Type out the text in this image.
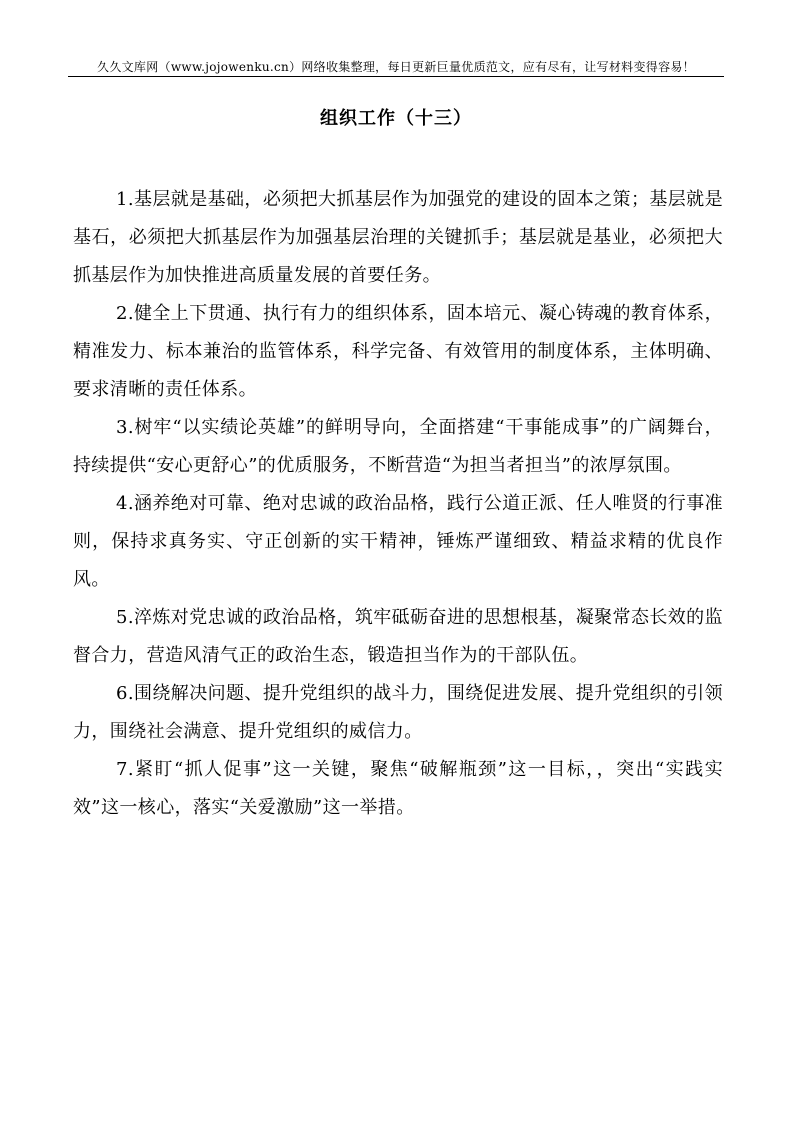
久久文库网（www.jojowenku.cn）网络收集整理，每日更新巨量优质范文，应有尽有，让写材料变得容易！
组织工作（十三）

1.基层就是基础，必须把大抓基层作为加强党的建设的固本之策；基层就是基石，必须把大抓基层作为加强基层治理的关键抓手；基层就是基业，必须把大抓基层作为加快推进高质量发展的首要任务。

2.健全上下贯通、执行有力的组织体系，固本培元、凝心铸魂的教育体系，精准发力、标本兼治的监管体系，科学完备、有效管用的制度体系，主体明确、要求清晰的责任体系。

3.树牢“以实绩论英雄”的鲜明导向，全面搭建“干事能成事”的广阔舞台，持续提供“安心更舒心”的优质服务，不断营造“为担当者担当”的浓厚氛围。

4.涵养绝对可靠、绝对忠诚的政治品格，践行公道正派、任人唯贤的行事准则，保持求真务实、守正创新的实干精神，锤炼严谨细致、精益求精的优良作风。

5.淬炼对党忠诚的政治品格，筑牢砥砺奋进的思想根基，凝聚常态长效的监督合力，营造风清气正的政治生态，锻造担当作为的干部队伍。

6.围绕解决问题、提升党组织的战斗力，围绕促进发展、提升党组织的引领力，围绕社会满意、提升党组织的威信力。

7.紧盯“抓人促事”这一关键，聚焦“破解瓶颈”这一目标，，突出“实践实效”这一核心，落实“关爱激励”这一举措。
